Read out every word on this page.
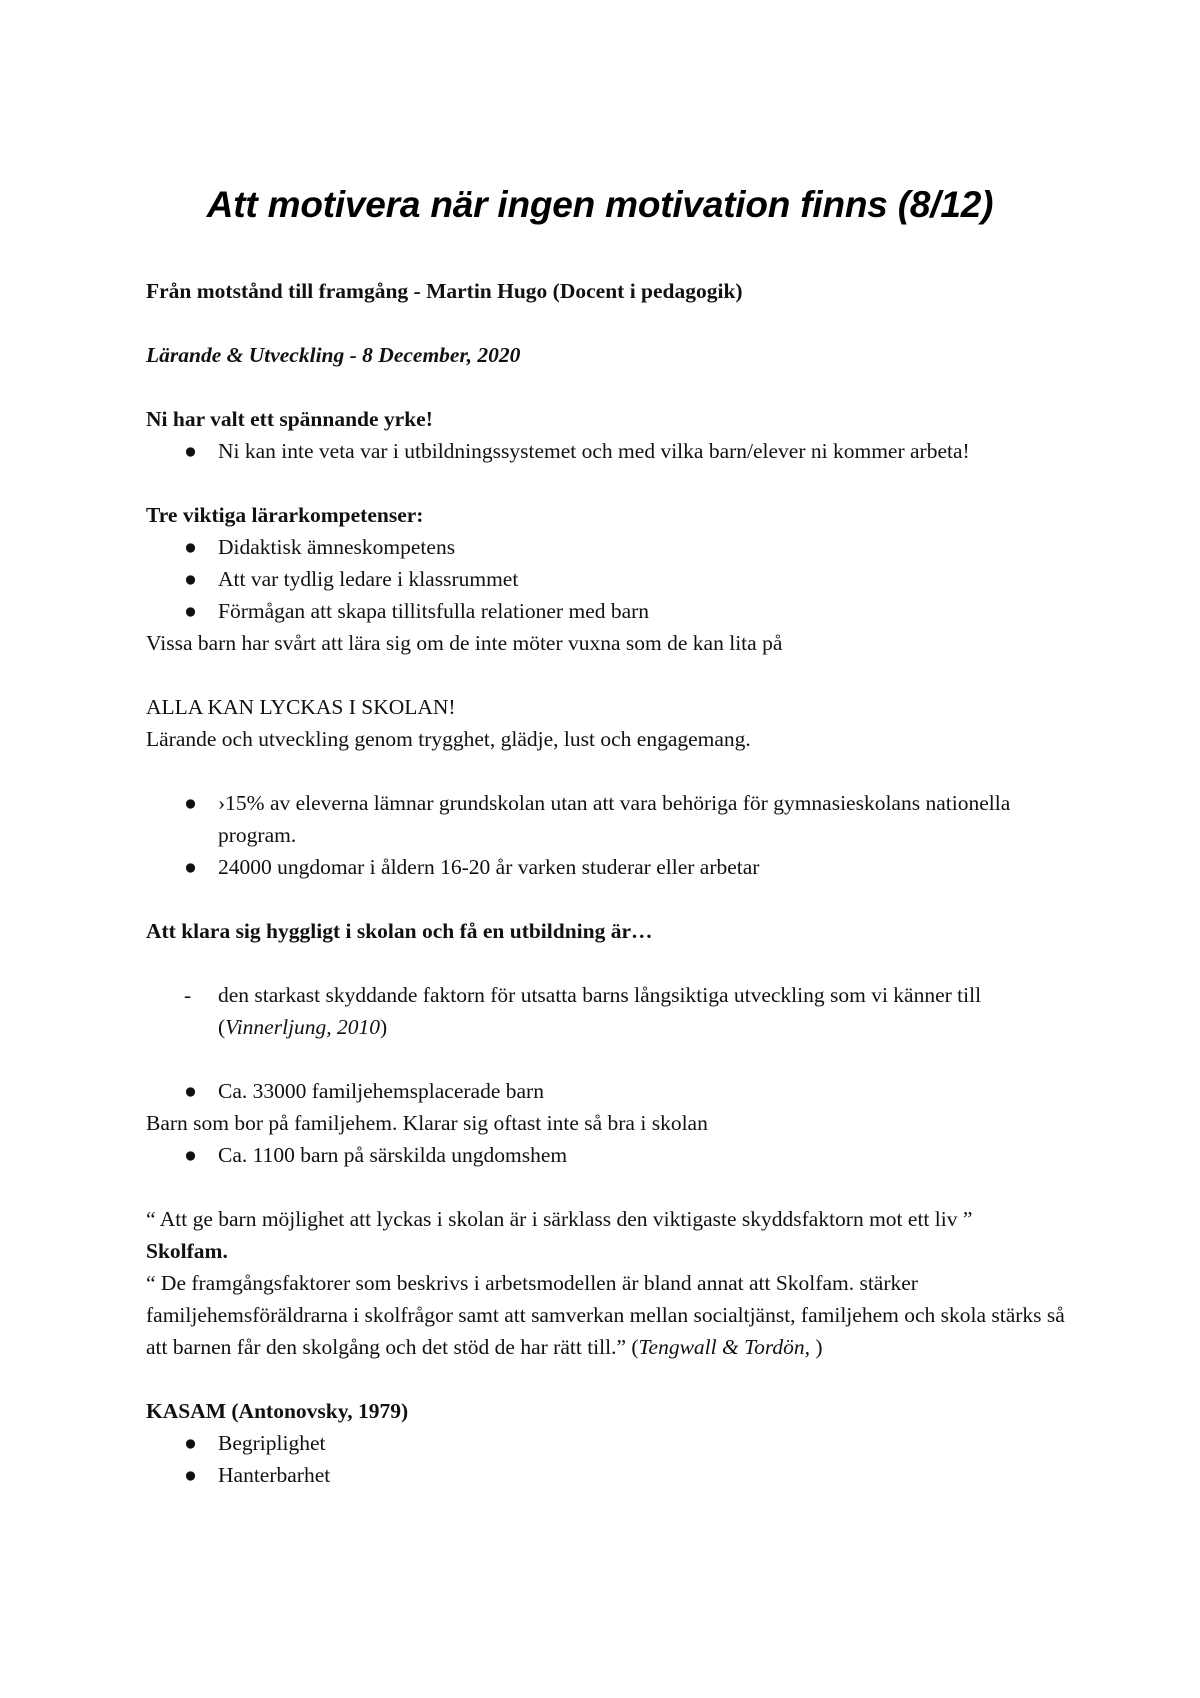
Att motivera när ingen motivation finns (8/12)

Från motstånd till framgång - Martin Hugo (Docent i pedagogik)

Lärande & Utveckling - 8 December, 2020

Ni har valt ett spännande yrke!

● Ni kan inte veta var i utbildningssystemet och med vilka barn/elever ni kommer arbeta!

Tre viktiga lärarkompetenser:

● Didaktisk ämneskompetens
● Att var tydlig ledare i klassrummet
● Förmågan att skapa tillitsfulla relationer med barn

Vissa barn har svårt att lära sig om de inte möter vuxna som de kan lita på

ALLA KAN LYCKAS I SKOLAN!

Lärande och utveckling genom trygghet, glädje, lust och engagemang.

● ›15% av eleverna lämnar grundskolan utan att vara behöriga för gymnasieskolans nationella program.
● 24000 ungdomar i åldern 16-20 år varken studerar eller arbetar

Att klara sig hyggligt i skolan och få en utbildning är…

-	den starkast skyddande faktorn för utsatta barns långsiktiga utveckling som vi känner till (Vinnerljung, 2010)
● Ca. 33000 familjehemsplacerade barn

Barn som bor på familjehem. Klarar sig oftast inte så bra i skolan

● Ca. 1100 barn på särskilda ungdomshem

“ Att ge barn möjlighet att lyckas i skolan är i särklass den viktigaste skyddsfaktorn mot ett liv ”

Skolfam.

“ De framgångsfaktorer som beskrivs i arbetsmodellen är bland annat att Skolfam. stärker familjehemsföräldrarna i skolfrågor samt att samverkan mellan socialtjänst, familjehem och skola stärks så att barnen får den skolgång och det stöd de har rätt till.” (Tengwall & Tordön, )

KASAM (Antonovsky, 1979)

● Begriplighet
● Hanterbarhet
